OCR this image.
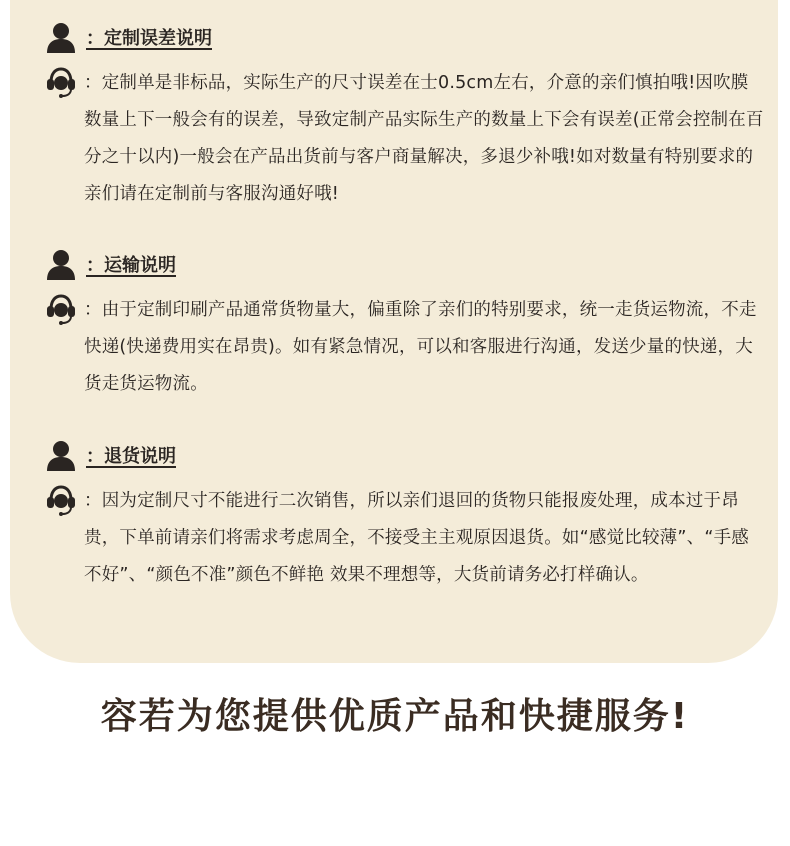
：定制误差说明
：定制单是非标品，实际生产的尺寸误差在士0.5cm左右，介意的亲们慎拍哦!因吹膜数量上下一般会有的误差，导致定制产品实际生产的数量上下会有误差(正常会控制在百分之十以内)一般会在产品出货前与客户商量解决，多退少补哦!如对数量有特别要求的亲们请在定制前与客服沟通好哦!
：运输说明
：由于定制印刷产品通常货物量大，偏重除了亲们的特别要求，统一走货运物流，不走快递(快递费用实在昂贵)。如有紧急情况，可以和客服进行沟通，发送少量的快递，大货走货运物流。
：退货说明
：因为定制尺寸不能进行二次销售，所以亲们退回的货物只能报废处理，成本过于昂贵，下单前请亲们将需求考虑周全，不接受主主观原因退货。如“感觉比较薄”、“手感不好”、“颜色不准”颜色不鲜艳 效果不理想等，大货前请务必打样确认。
容若为您提供优质产品和快捷服务!
